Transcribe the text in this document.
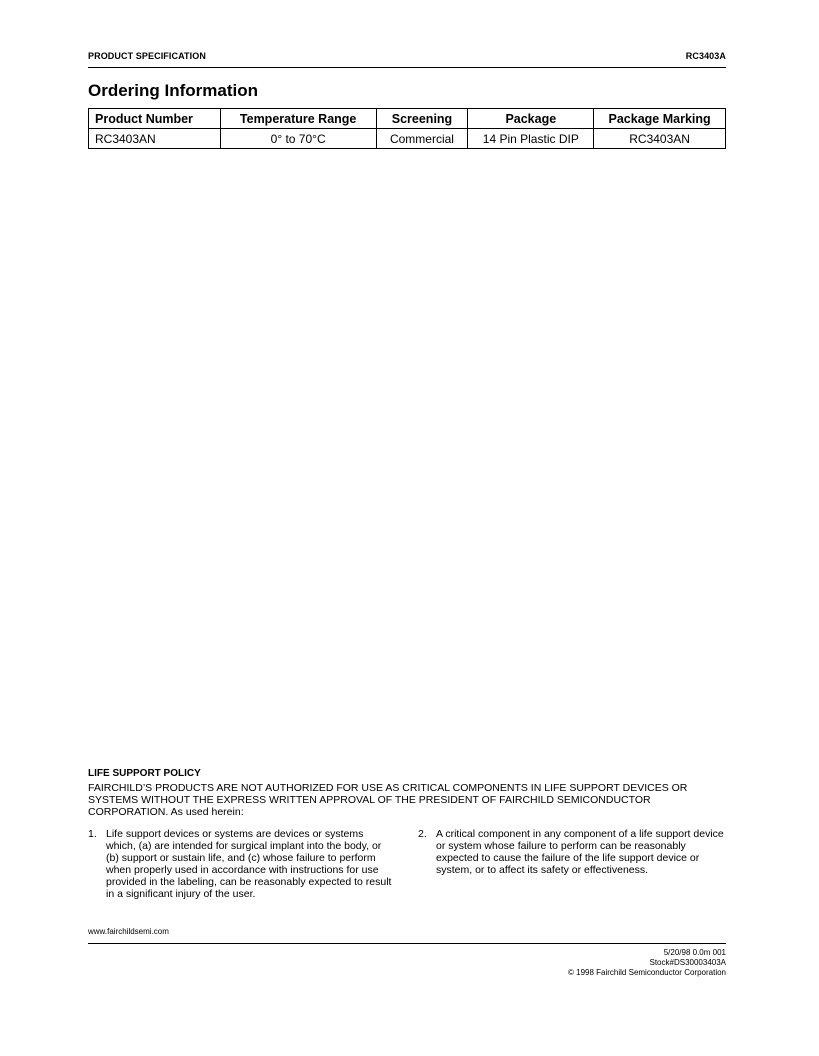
PRODUCT SPECIFICATION	RC3403A
Ordering Information
Product Number	Temperature Range	Screening	Package	Package Marking
RC3403AN	0° to 70°C	Commercial	14 Pin Plastic DIP	RC3403AN
LIFE SUPPORT POLICY
FAIRCHILD’S PRODUCTS ARE NOT AUTHORIZED FOR USE AS CRITICAL COMPONENTS IN LIFE SUPPORT DEVICES OR SYSTEMS WITHOUT THE EXPRESS WRITTEN APPROVAL OF THE PRESIDENT OF FAIRCHILD SEMICONDUCTOR CORPORATION. As used herein:
1. Life support devices or systems are devices or systems which, (a) are intended for surgical implant into the body, or (b) support or sustain life, and (c) whose failure to perform when properly used in accordance with instructions for use provided in the labeling, can be reasonably expected to result in a significant injury of the user.
2. A critical component in any component of a life support device or system whose failure to perform can be reasonably expected to cause the failure of the life support device or system, or to affect its safety or effectiveness.
www.fairchildsemi.com
5/20/98 0.0m 001
Stock#DS30003403A
© 1998 Fairchild Semiconductor Corporation
